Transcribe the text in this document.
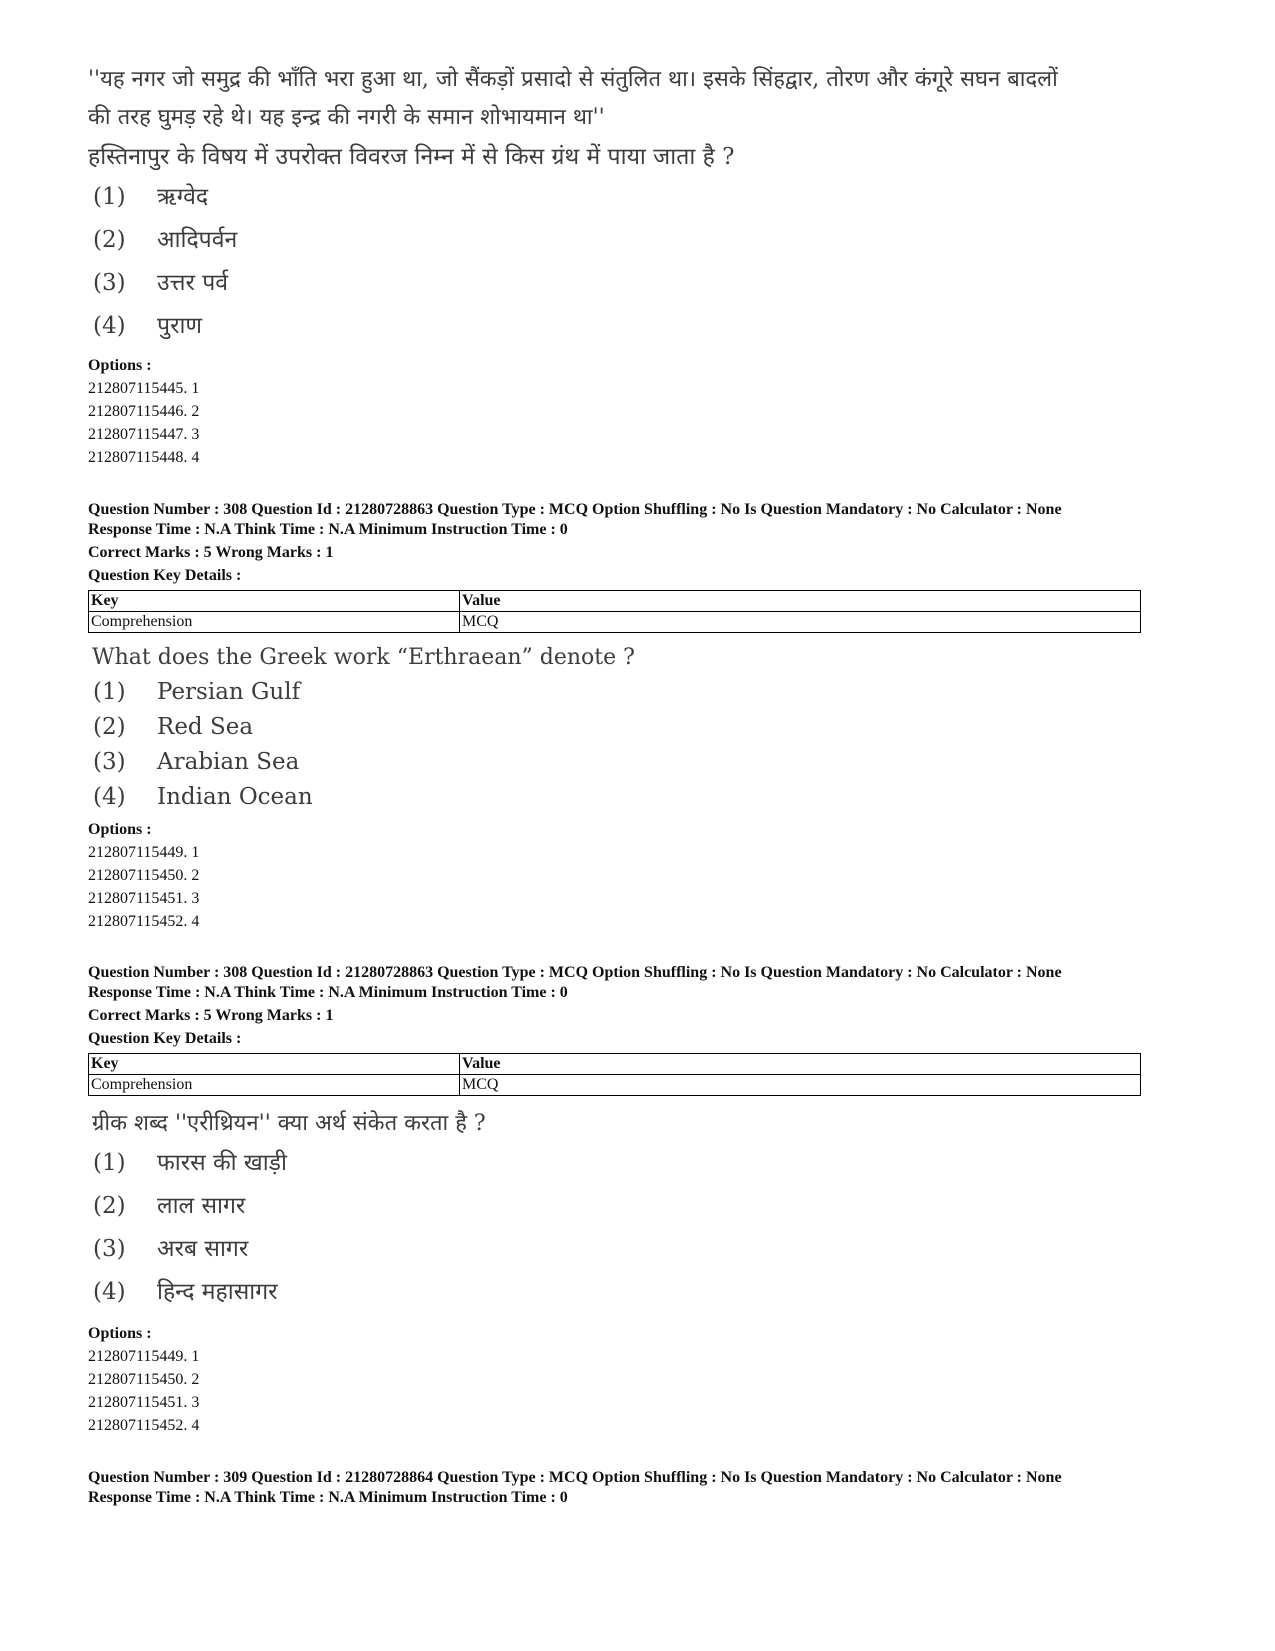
''यह नगर जो समुद्र की भाँति भरा हुआ था, जो सैंकड़ों प्रसादो से संतुलित था। इसके सिंहद्वार, तोरण और कंगूरे सघन बादलों
की तरह घुमड़ रहे थे। यह इन्द्र की नगरी के समान शोभायमान था''
हस्तिनापुर के विषय में उपरोक्त विवरज निम्न में से किस ग्रंथ में पाया जाता है ?
(1)	ऋग्वेद
(2)	आदिपर्वन
(3)	उत्तर पर्व
(4)	पुराण
Options :
212807115445. 1
212807115446. 2
212807115447. 3
212807115448. 4
Question Number : 308 Question Id : 21280728863 Question Type : MCQ Option Shuffling : No Is Question Mandatory : No Calculator : None
Response Time : N.A Think Time : N.A Minimum Instruction Time : 0
Correct Marks : 5 Wrong Marks : 1
Question Key Details :
Key	Value
Comprehension	MCQ
What does the Greek work “Erthraean” denote ?
(1)	Persian Gulf
(2)	Red Sea
(3)	Arabian Sea
(4)	Indian Ocean
Options :
212807115449. 1
212807115450. 2
212807115451. 3
212807115452. 4
Question Number : 308 Question Id : 21280728863 Question Type : MCQ Option Shuffling : No Is Question Mandatory : No Calculator : None
Response Time : N.A Think Time : N.A Minimum Instruction Time : 0
Correct Marks : 5 Wrong Marks : 1
Question Key Details :
Key	Value
Comprehension	MCQ
ग्रीक शब्द ''एरीथ्रियन'' क्या अर्थ संकेत करता है ?
(1)	फारस की खाड़ी
(2)	लाल सागर
(3)	अरब सागर
(4)	हिन्द महासागर
Options :
212807115449. 1
212807115450. 2
212807115451. 3
212807115452. 4
Question Number : 309 Question Id : 21280728864 Question Type : MCQ Option Shuffling : No Is Question Mandatory : No Calculator : None
Response Time : N.A Think Time : N.A Minimum Instruction Time : 0
